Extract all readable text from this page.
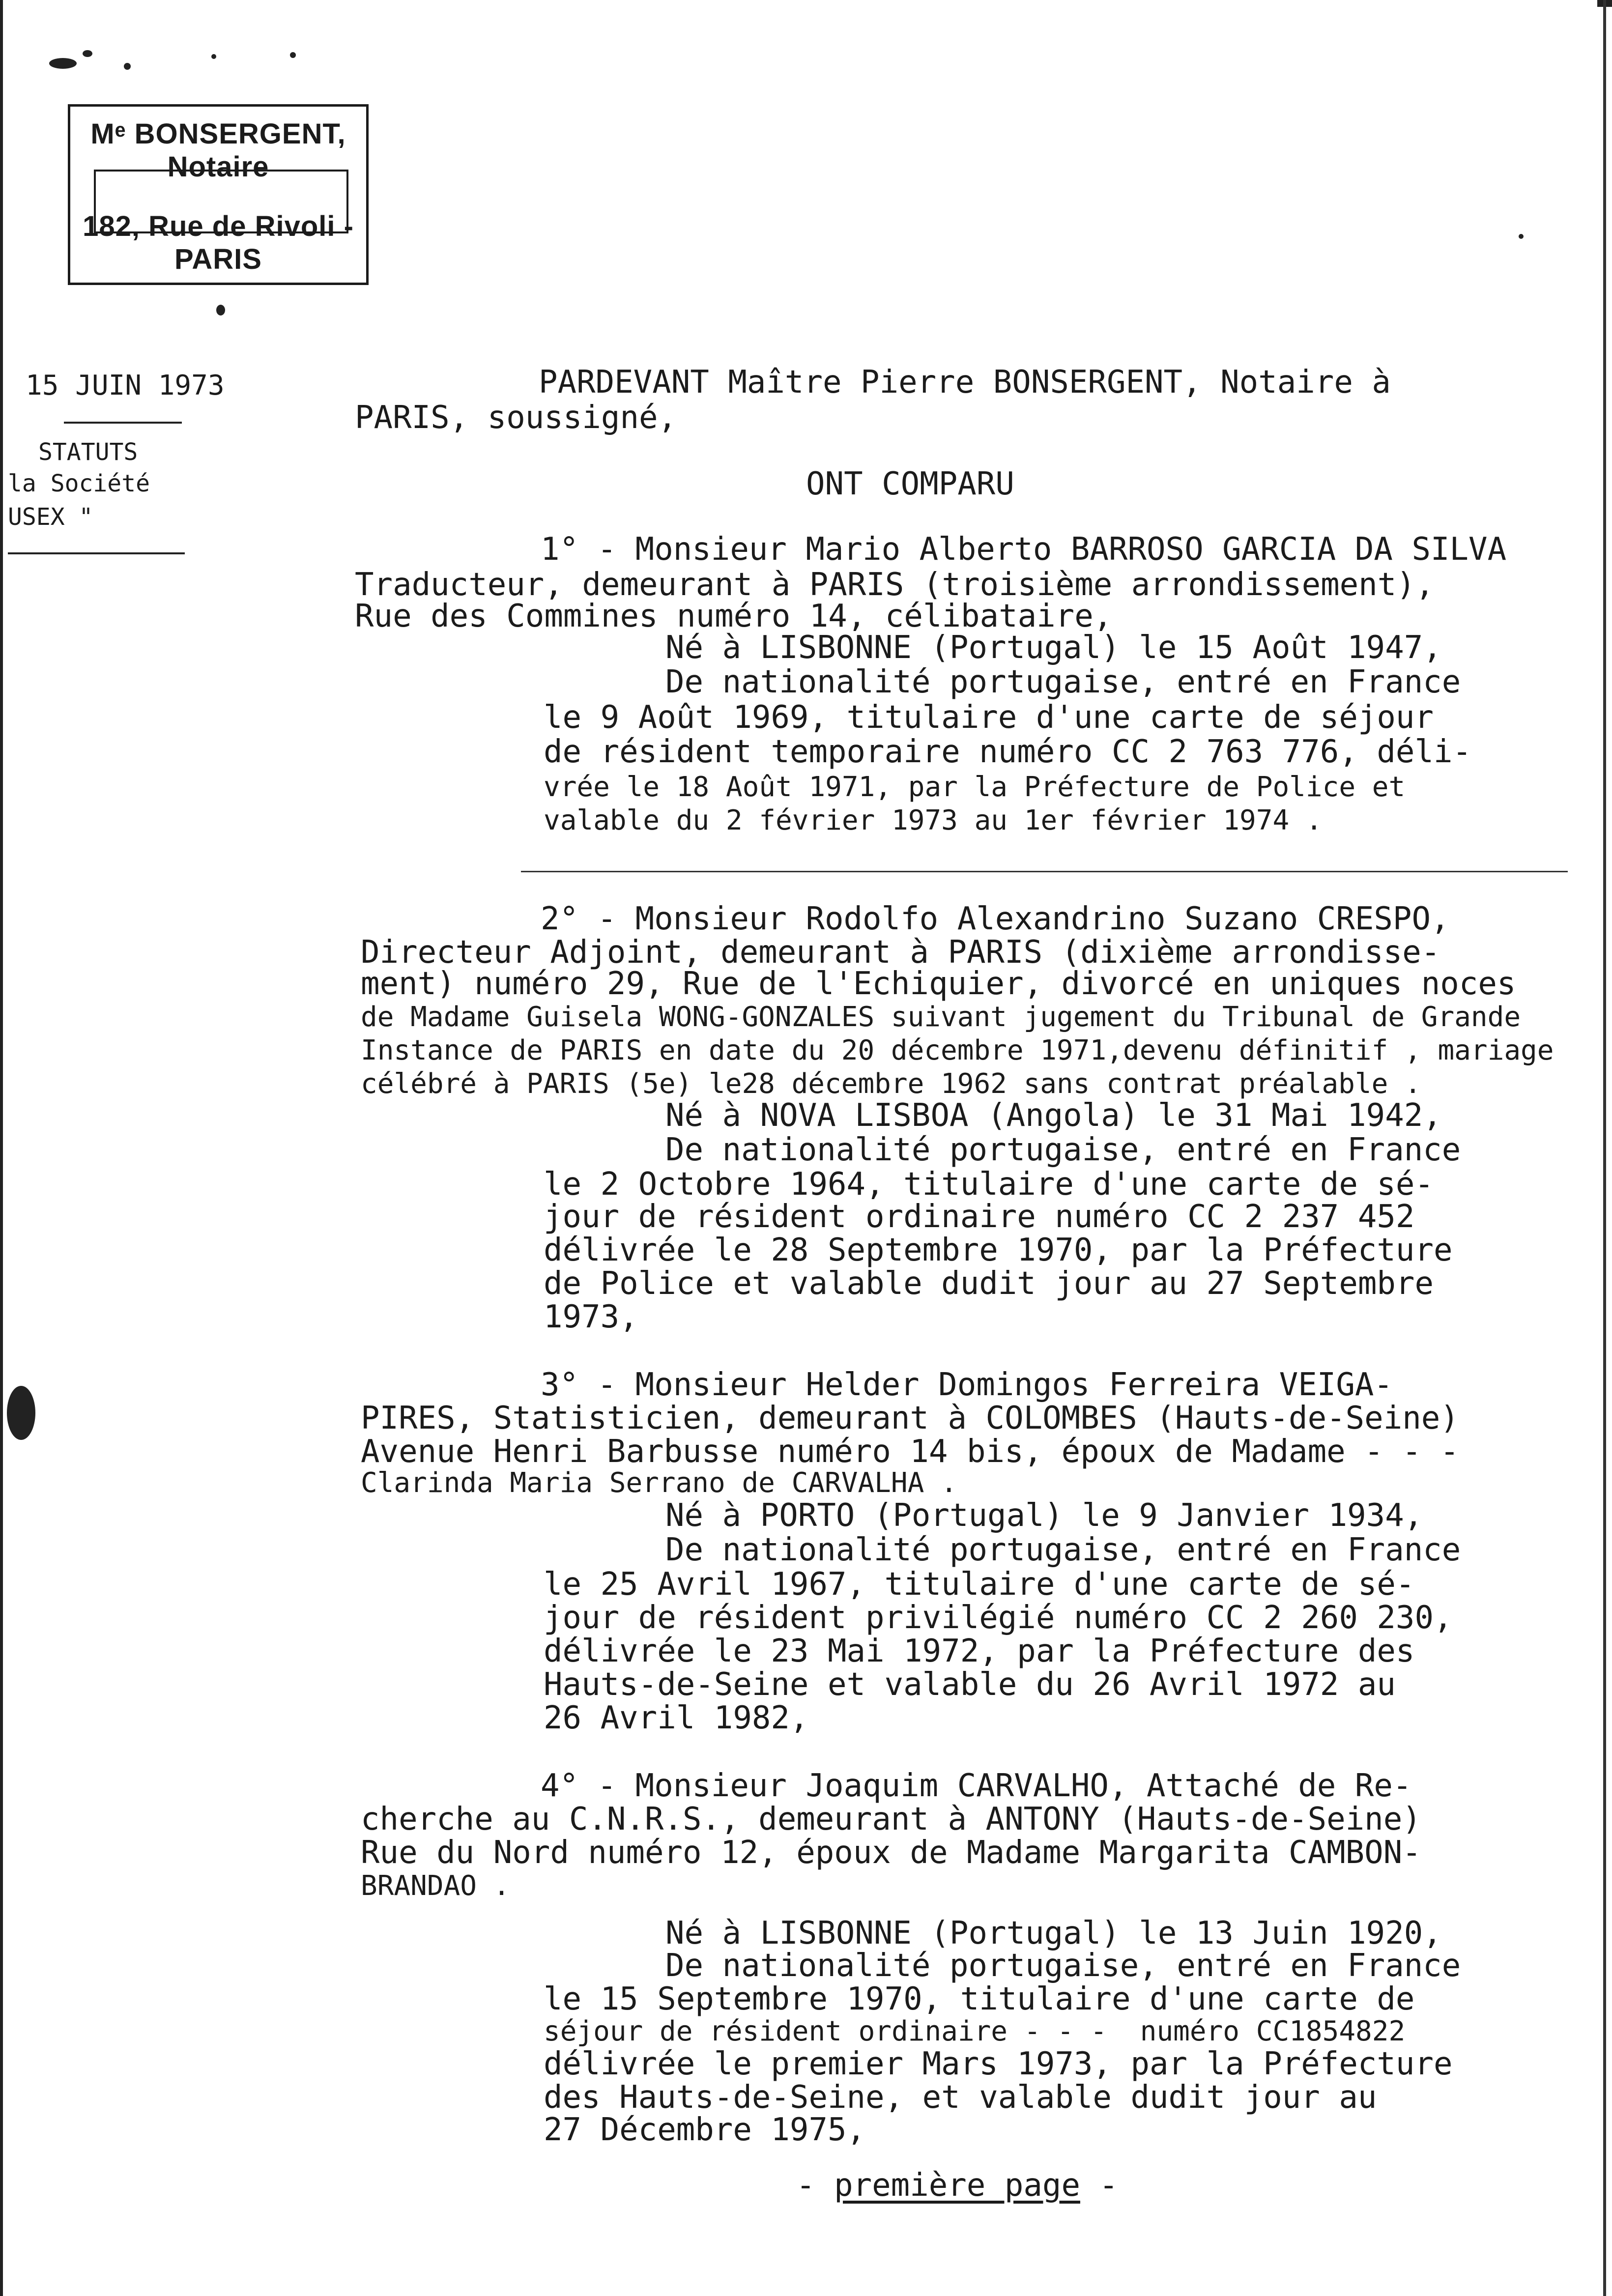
Mᵉ BONSERGENT, Notaire
182, Rue de Rivoli - PARIS
15 JUIN 1973
STATUTS
la Société
USEX "
PARDEVANT Maître Pierre BONSERGENT, Notaire à
PARIS, soussigné,
ONT COMPARU
1° - Monsieur Mario Alberto BARROSO GARCIA DA SILVA
Traducteur, demeurant à PARIS (troisième arrondissement),
Rue des Commines numéro 14, célibataire,
Né à LISBONNE (Portugal) le 15 Août 1947,
De nationalité portugaise, entré en France
le 9 Août 1969, titulaire d'une carte de séjour
de résident temporaire numéro CC 2 763 776, déli-
vrée le 18 Août 1971, par la Préfecture de Police et
valable du 2 février 1973 au 1er février 1974 .
2° - Monsieur Rodolfo Alexandrino Suzano CRESPO,
Directeur Adjoint, demeurant à PARIS (dixième arrondisse-
ment) numéro 29, Rue de l'Echiquier, divorcé en uniques noces
de Madame Guisela WONG-GONZALES suivant jugement du Tribunal de Grande
Instance de PARIS en date du 20 décembre 1971,devenu définitif , mariage
célébré à PARIS (5e) le28 décembre 1962 sans contrat préalable .
Né à NOVA LISBOA (Angola) le 31 Mai 1942,
De nationalité portugaise, entré en France
le 2 Octobre 1964, titulaire d'une carte de sé-
jour de résident ordinaire numéro CC 2 237 452
délivrée le 28 Septembre 1970, par la Préfecture
de Police et valable dudit jour au 27 Septembre
1973,
3° - Monsieur Helder Domingos Ferreira VEIGA-
PIRES, Statisticien, demeurant à COLOMBES (Hauts-de-Seine)
Avenue Henri Barbusse numéro 14 bis, époux de Madame - - -
Clarinda Maria Serrano de CARVALHA .
Né à PORTO (Portugal) le 9 Janvier 1934,
De nationalité portugaise, entré en France
le 25 Avril 1967, titulaire d'une carte de sé-
jour de résident privilégié numéro CC 2 260 230,
délivrée le 23 Mai 1972, par la Préfecture des
Hauts-de-Seine et valable du 26 Avril 1972 au
26 Avril 1982,
4° - Monsieur Joaquim CARVALHO, Attaché de Re-
cherche au C.N.R.S., demeurant à ANTONY (Hauts-de-Seine)
Rue du Nord numéro 12, époux de Madame Margarita CAMBON-
BRANDAO .
Né à LISBONNE (Portugal) le 13 Juin 1920,
De nationalité portugaise, entré en France
le 15 Septembre 1970, titulaire d'une carte de
séjour de résident ordinaire - - -  numéro CC1854822
délivrée le premier Mars 1973, par la Préfecture
des Hauts-de-Seine, et valable dudit jour au
27 Décembre 1975,
- première page -
